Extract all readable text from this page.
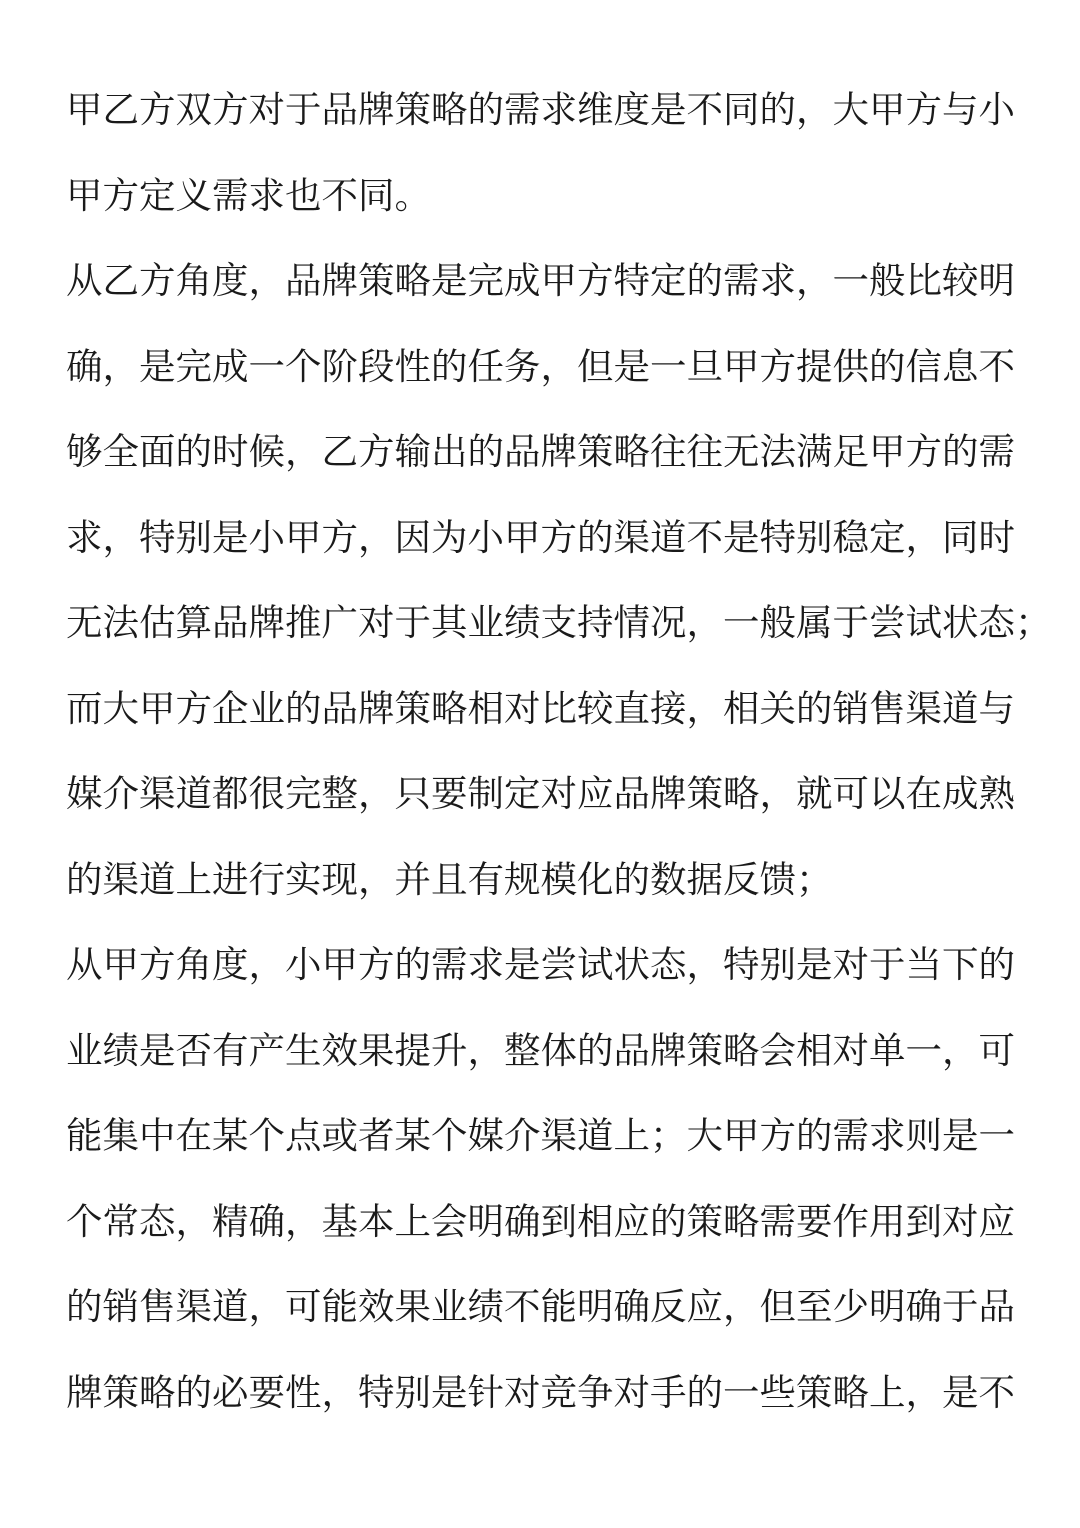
甲乙方双方对于品牌策略的需求维度是不同的，大甲方与小
甲方定义需求也不同。

从乙方角度，品牌策略是完成甲方特定的需求，一般比较明
确，是完成一个阶段性的任务，但是一旦甲方提供的信息不
够全面的时候，乙方输出的品牌策略往往无法满足甲方的需
求，特别是小甲方，因为小甲方的渠道不是特别稳定，同时
无法估算品牌推广对于其业绩支持情况，一般属于尝试状态；
而大甲方企业的品牌策略相对比较直接，相关的销售渠道与
媒介渠道都很完整，只要制定对应品牌策略，就可以在成熟
的渠道上进行实现，并且有规模化的数据反馈；

从甲方角度，小甲方的需求是尝试状态，特别是对于当下的
业绩是否有产生效果提升，整体的品牌策略会相对单一，可
能集中在某个点或者某个媒介渠道上；大甲方的需求则是一
个常态，精确，基本上会明确到相应的策略需要作用到对应
的销售渠道，可能效果业绩不能明确反应，但至少明确于品
牌策略的必要性，特别是针对竞争对手的一些策略上，是不
